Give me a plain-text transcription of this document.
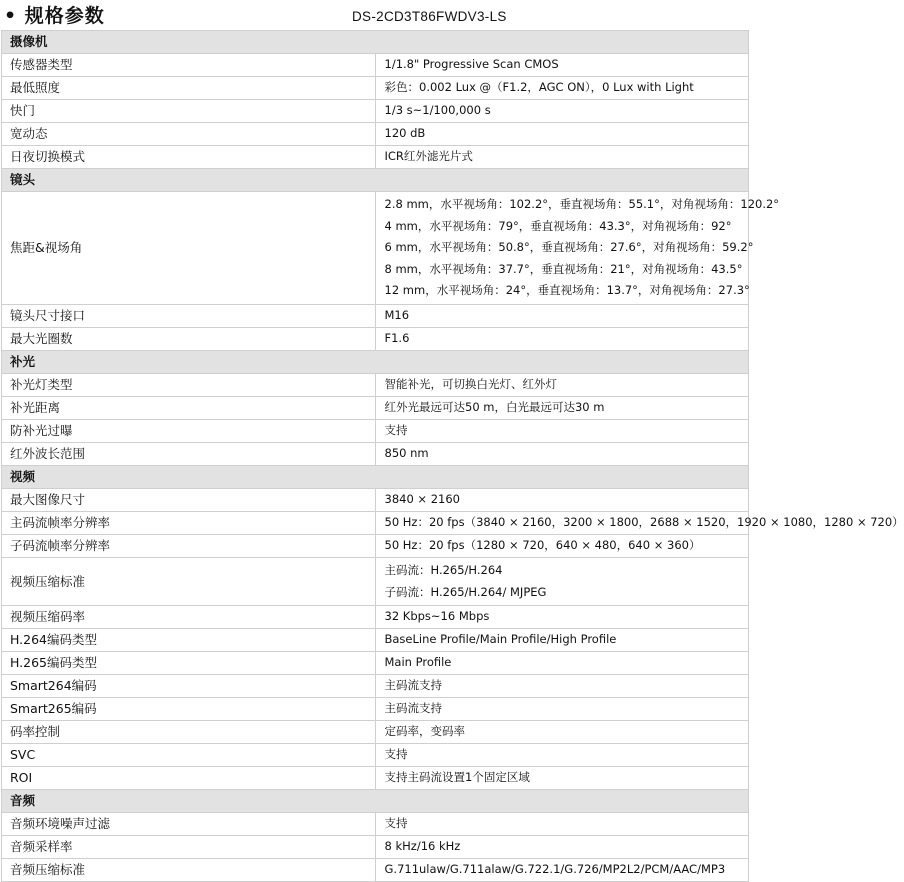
• 规格参数	DS-2CD3T86FWDV3-LS
摄像机	
传感器类型	1/1.8" Progressive Scan CMOS

最低照度	彩色：0.002 Lux @（F1.2，AGC ON），0 Lux with Light

快门	1/3 s~1/100,000 s

宽动态	120 dB

日夜切换模式	ICR红外滤光片式

镜头	
焦距&视场角	2.8 mm，水平视场角：102.2°，垂直视场角：55.1°，对角视场角：120.2°
4 mm，水平视场角：79°，垂直视场角：43.3°，对角视场角：92°
6 mm，水平视场角：50.8°，垂直视场角：27.6°，对角视场角：59.2°
8 mm，水平视场角：37.7°，垂直视场角：21°，对角视场角：43.5°
12 mm，水平视场角：24°，垂直视场角：13.7°，对角视场角：27.3°

镜头尺寸接口	M16

最大光圈数	F1.6

补光	
补光灯类型	智能补光，可切换白光灯、红外灯

补光距离	红外光最远可达50 m，白光最远可达30 m

防补光过曝	支持

红外波长范围	850 nm

视频	
最大图像尺寸	3840 × 2160

主码流帧率分辨率	50 Hz：20 fps（3840 × 2160，3200 × 1800，2688 × 1520，1920 × 1080，1280 × 720）

子码流帧率分辨率	50 Hz：20 fps（1280 × 720，640 × 480，640 × 360）

视频压缩标准	主码流：H.265/H.264
子码流：H.265/H.264/ MJPEG

视频压缩码率	32 Kbps~16 Mbps

H.264编码类型	BaseLine Profile/Main Profile/High Profile

H.265编码类型	Main Profile

Smart264编码	主码流支持

Smart265编码	主码流支持

码率控制	定码率，变码率

SVC	支持

ROI	支持主码流设置1个固定区域

音频	
音频环境噪声过滤	支持

音频采样率	8 kHz/16 kHz

音频压缩标准	G.711ulaw/G.711alaw/G.722.1/G.726/MP2L2/PCM/AAC/MP3
